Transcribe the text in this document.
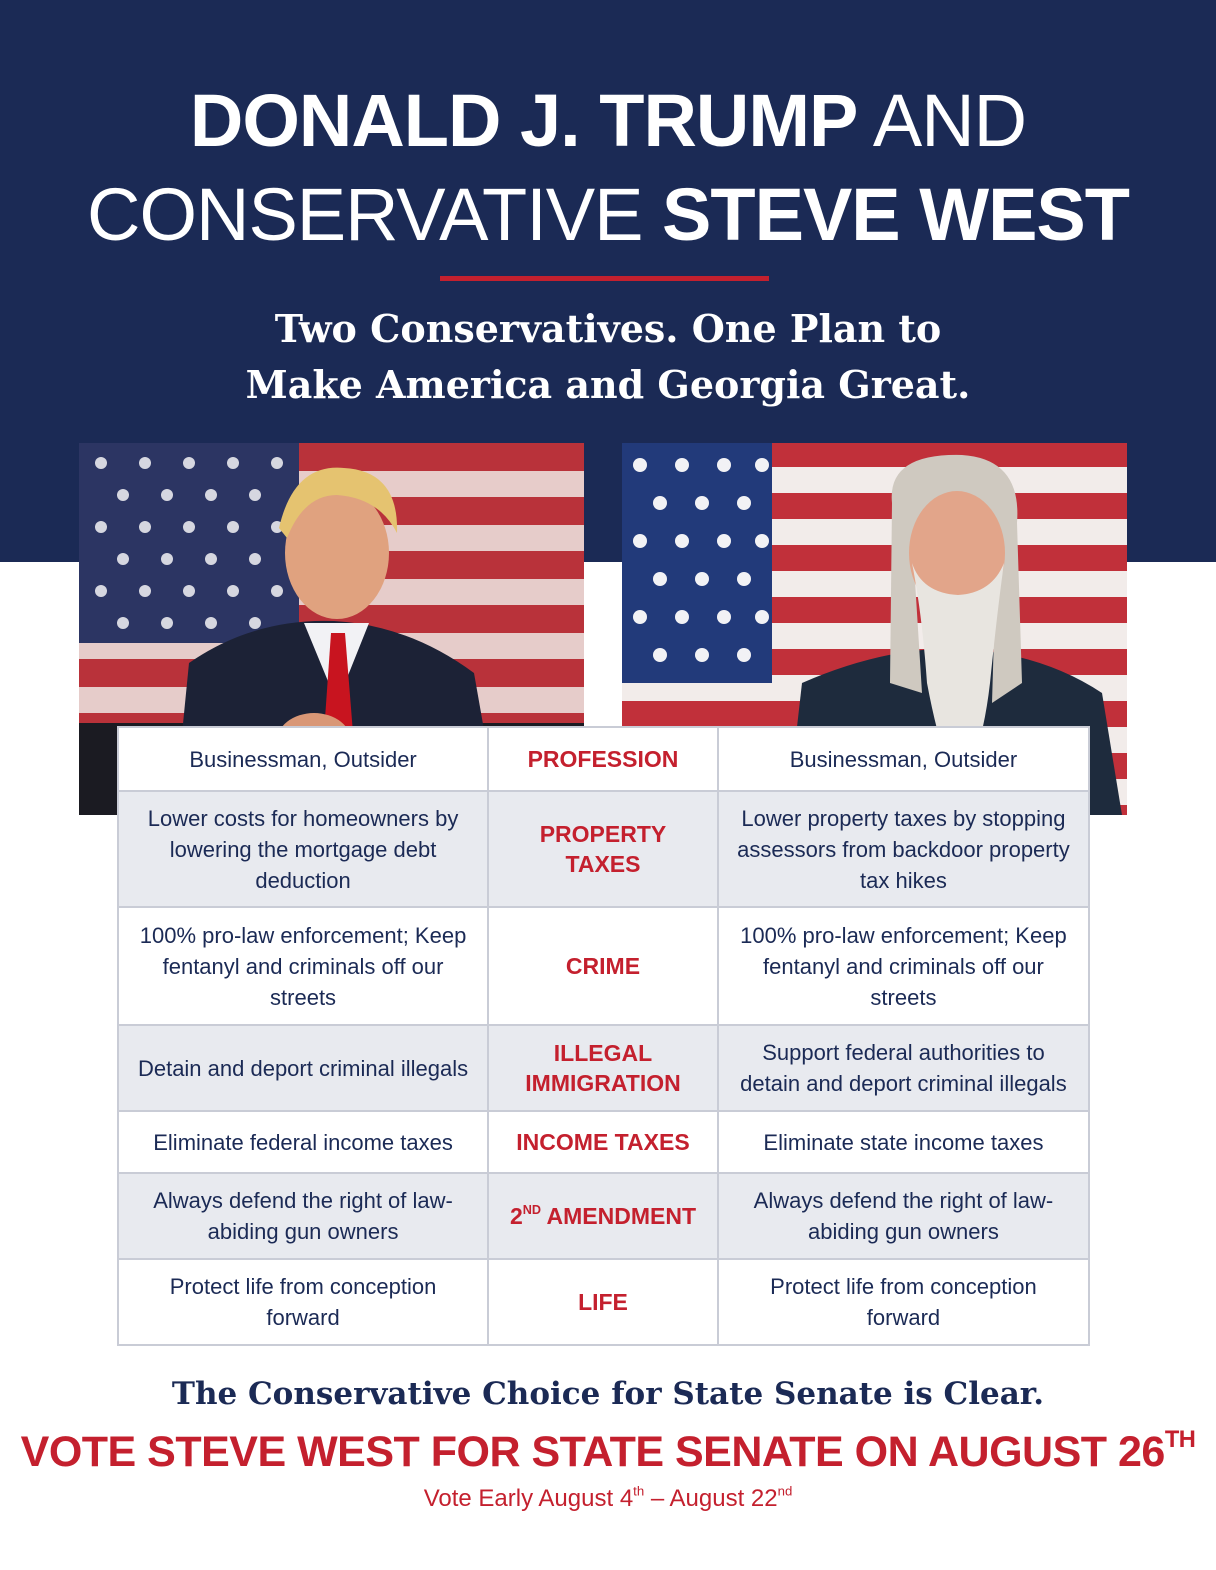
DONALD J. TRUMP AND
CONSERVATIVE STEVE WEST
Two Conservatives. One Plan to
Make America and Georgia Great.
Businessman, Outsider	PROFESSION	Businessman, Outsider
Lower costs for homeowners by lowering the mortgage debt deduction	PROPERTY TAXES	Lower property taxes by stopping assessors from backdoor property tax hikes
100% pro-law enforcement; Keep fentanyl and criminals off our streets	CRIME	100% pro-law enforcement; Keep fentanyl and criminals off our streets
Detain and deport criminal illegals	ILLEGAL IMMIGRATION	Support federal authorities to detain and deport criminal illegals
Eliminate federal income taxes	INCOME TAXES	Eliminate state income taxes
Always defend the right of law-abiding gun owners	2ND AMENDMENT	Always defend the right of law-abiding gun owners
Protect life from conception forward	LIFE	Protect life from conception forward
The Conservative Choice for State Senate is Clear.
VOTE STEVE WEST FOR STATE SENATE ON AUGUST 26TH
Vote Early August 4th – August 22nd
